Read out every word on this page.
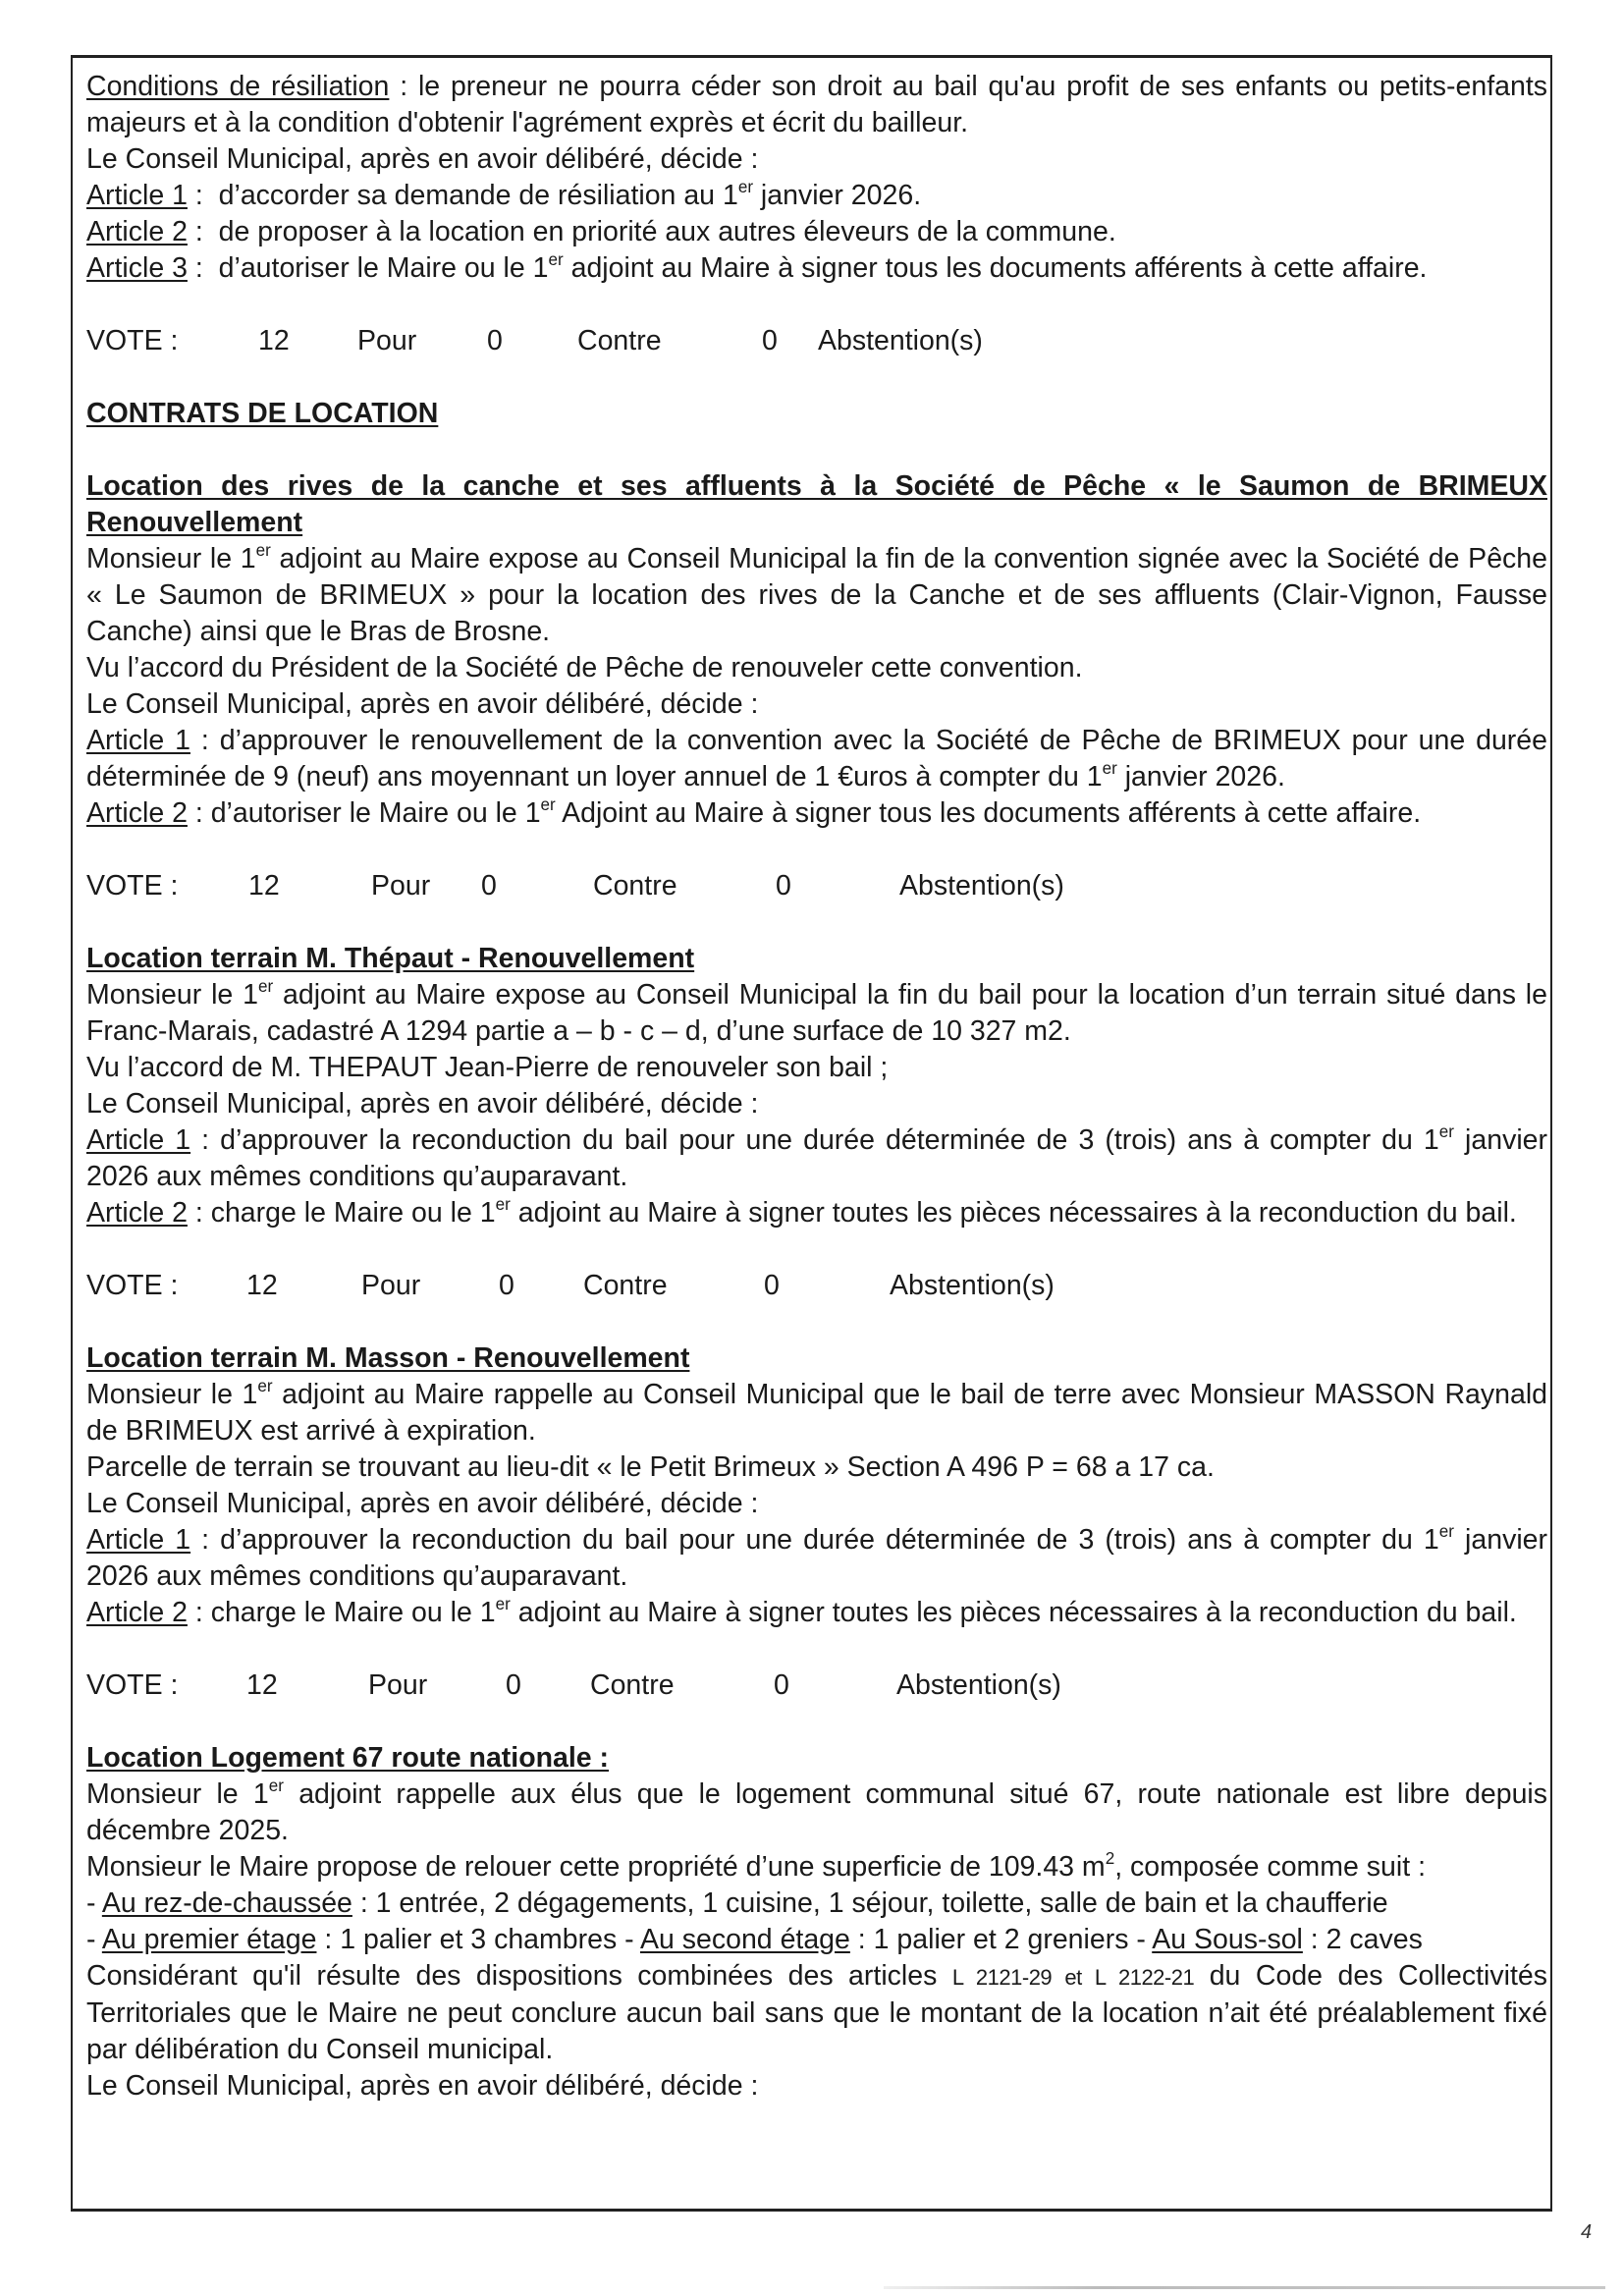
Conditions de résiliation : le preneur ne pourra céder son droit au bail qu'au profit de ses enfants ou petits-enfants majeurs et à la condition d'obtenir l'agrément exprès et écrit du bailleur.

Le Conseil Municipal, après en avoir délibéré, décide :

Article 1 :  d’accorder sa demande de résiliation au 1er janvier 2026.

Article 2 :  de proposer à la location en priorité aux autres éleveurs de la commune.

Article 3 :  d’autoriser le Maire ou le 1er adjoint au Maire à signer tous les documents afférents à cette affaire.

VOTE :	12 Pour	0	Contre	0 Abstention(s)

CONTRATS DE LOCATION

Location des rives de la canche et ses affluents à la Société de Pêche « le Saumon de BRIMEUX

Renouvellement

Monsieur le 1er adjoint au Maire expose au Conseil Municipal la fin de la convention signée avec la Société de Pêche « Le Saumon de BRIMEUX » pour la location des rives de la Canche et de ses affluents (Clair-Vignon, Fausse Canche) ainsi que le Bras de Brosne.

Vu l’accord du Président de la Société de Pêche de renouveler cette convention.

Le Conseil Municipal, après en avoir délibéré, décide :

Article 1 : d’approuver le renouvellement de la convention avec la Société de Pêche de BRIMEUX pour une durée déterminée de 9 (neuf) ans moyennant un loyer annuel de 1 €uros à compter du 1er janvier 2026.

Article 2 : d’autoriser le Maire ou le 1er Adjoint au Maire à signer tous les documents afférents à cette affaire.

VOTE :	12	Pour 0	Contre	0	Abstention(s)

Location terrain M. Thépaut - Renouvellement

Monsieur le 1er adjoint au Maire expose au Conseil Municipal la fin du bail pour la location d’un terrain situé dans le Franc-Marais, cadastré A 1294 partie a – b - c – d, d’une surface de 10 327 m2.

Vu l’accord de M. THEPAUT Jean-Pierre de renouveler son bail ;

Le Conseil Municipal, après en avoir délibéré, décide :

Article 1 : d’approuver la reconduction du bail pour une durée déterminée de 3 (trois) ans à compter du 1er janvier 2026 aux mêmes conditions qu’auparavant.

Article 2 : charge le Maire ou le 1er adjoint au Maire à signer toutes les pièces nécessaires à la reconduction du bail.

VOTE : 12	Pour	0 Contre	0	Abstention(s)

Location terrain M. Masson - Renouvellement

Monsieur le 1er adjoint au Maire rappelle au Conseil Municipal que le bail de terre avec Monsieur MASSON Raynald de BRIMEUX est arrivé à expiration.

Parcelle de terrain se trouvant au lieu-dit « le Petit Brimeux » Section A 496 P = 68 a 17 ca.

Le Conseil Municipal, après en avoir délibéré, décide :

Article 1 : d’approuver la reconduction du bail pour une durée déterminée de 3 (trois) ans à compter du 1er janvier 2026 aux mêmes conditions qu’auparavant.

Article 2 : charge le Maire ou le 1er adjoint au Maire à signer toutes les pièces nécessaires à la reconduction du bail.

VOTE : 12	Pour	0 Contre	0	Abstention(s)

Location Logement 67 route nationale :

Monsieur le 1er adjoint rappelle aux élus que le logement communal situé 67, route nationale est libre depuis décembre 2025.

Monsieur le Maire propose de relouer cette propriété d’une superficie de 109.43 $m^2$, composée comme suit :

- Au rez-de-chaussée : 1 entrée, 2 dégagements, 1 cuisine, 1 séjour, toilette, salle de bain et la chaufferie

- Au premier étage : 1 palier et 3 chambres - Au second étage : 1 palier et 2 greniers - Au Sous-sol : 2 caves

Considérant qu'il résulte des dispositions combinées des articles L 2121-29 et L 2122-21 du Code des Collectivités Territoriales que le Maire ne peut conclure aucun bail sans que le montant de la location n’ait été préalablement fixé par délibération du Conseil municipal.

Le Conseil Municipal, après en avoir délibéré, décide :

4
